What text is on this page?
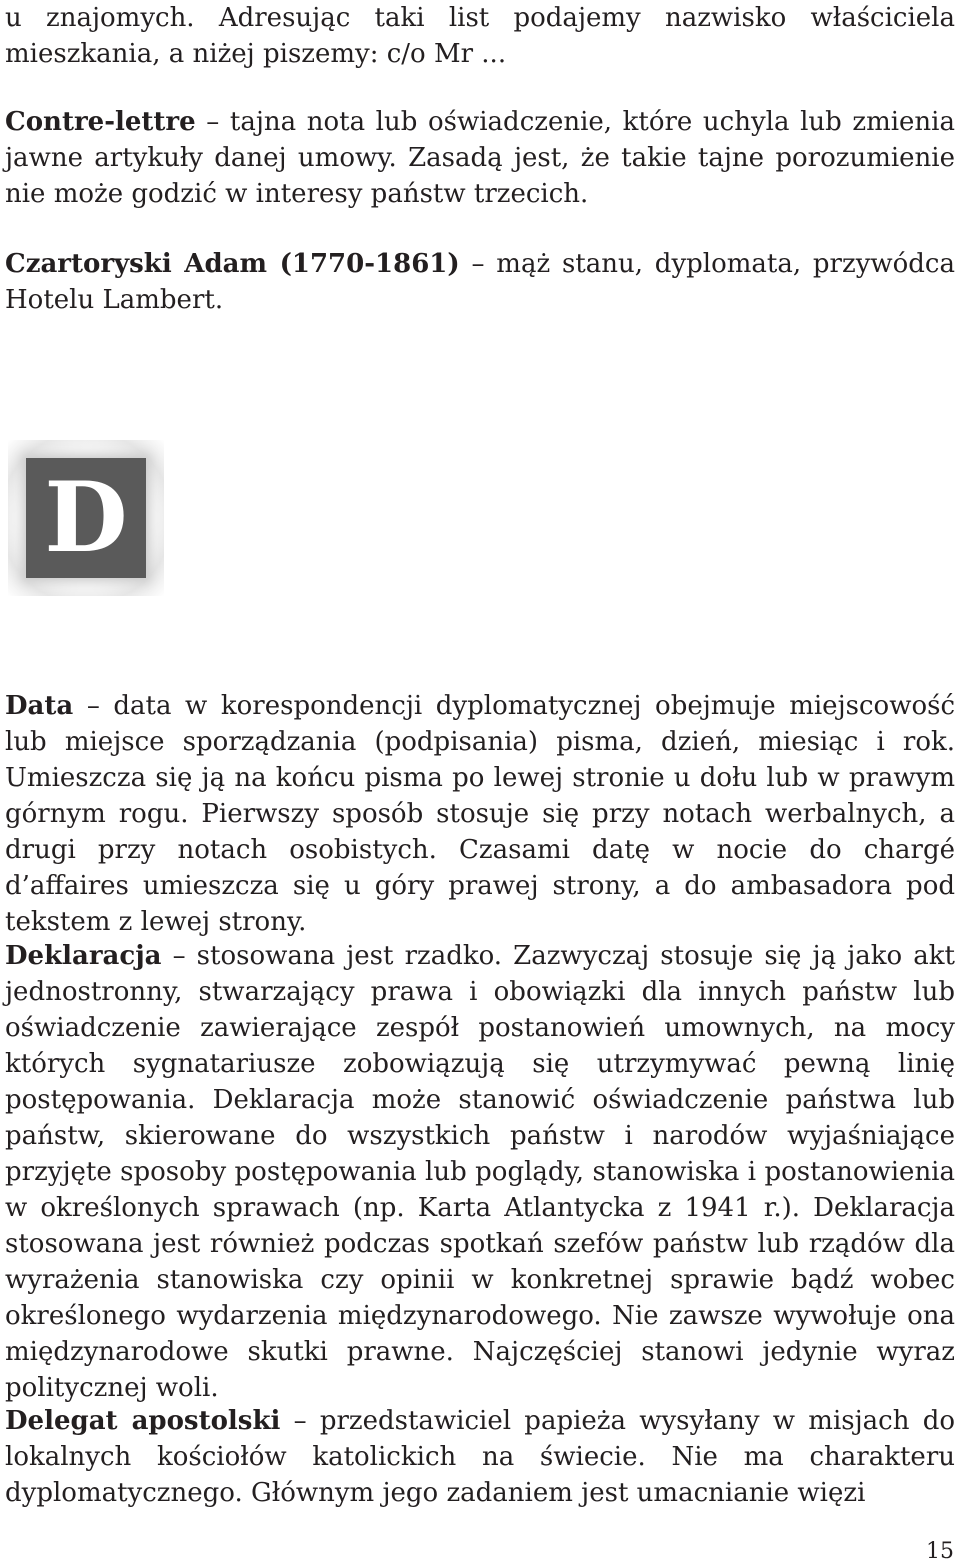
u znajomych. Adresując taki list podajemy nazwisko właściciela mieszkania, a niżej piszemy: c/o Mr ...

Contre-lettre – tajna nota lub oświadczenie, które uchyla lub zmienia jawne artykuły danej umowy. Zasadą jest, że takie tajne porozumienie nie może godzić w interesy państw trzecich.

Czartoryski Adam (1770-1861) – mąż stanu, dyplomata, przywódca Hotelu Lambert.

D

Data – data w korespondencji dyplomatycznej obejmuje miejscowość lub miejsce sporządzania (podpisania) pisma, dzień, miesiąc i rok. Umieszcza się ją na końcu pisma po lewej stronie u dołu lub w prawym górnym rogu. Pierwszy sposób stosuje się przy notach werbalnych, a drugi przy notach osobistych. Czasami datę w nocie do chargé d’affaires umieszcza się u góry prawej strony, a do ambasadora pod tekstem z lewej strony.

Deklaracja – stosowana jest rzadko. Zazwyczaj stosuje się ją jako akt jednostronny, stwarzający prawa i obowiązki dla innych państw lub oświadczenie zawierające zespół postanowień umownych, na mocy których sygnatariusze zobowiązują się utrzymywać pewną linię postępowania. Deklaracja może stanowić oświadczenie państwa lub państw, skierowane do wszystkich państw i narodów wyjaśniające przyjęte sposoby postępowania lub poglądy, stanowiska i postanowienia w określonych sprawach (np. Karta Atlantycka z 1941 r.). Deklaracja stosowana jest również podczas spotkań szefów państw lub rządów dla wyrażenia stanowiska czy opinii w konkretnej sprawie bądź wobec określonego wydarzenia międzynarodowego. Nie zawsze wywołuje ona międzynarodowe skutki prawne. Najczęściej stanowi jedynie wyraz politycznej woli.

Delegat apostolski – przedstawiciel papieża wysyłany w misjach do lokalnych kościołów katolickich na świecie. Nie ma charakteru dyplomatycznego. Głównym jego zadaniem jest umacnianie więzi

15
